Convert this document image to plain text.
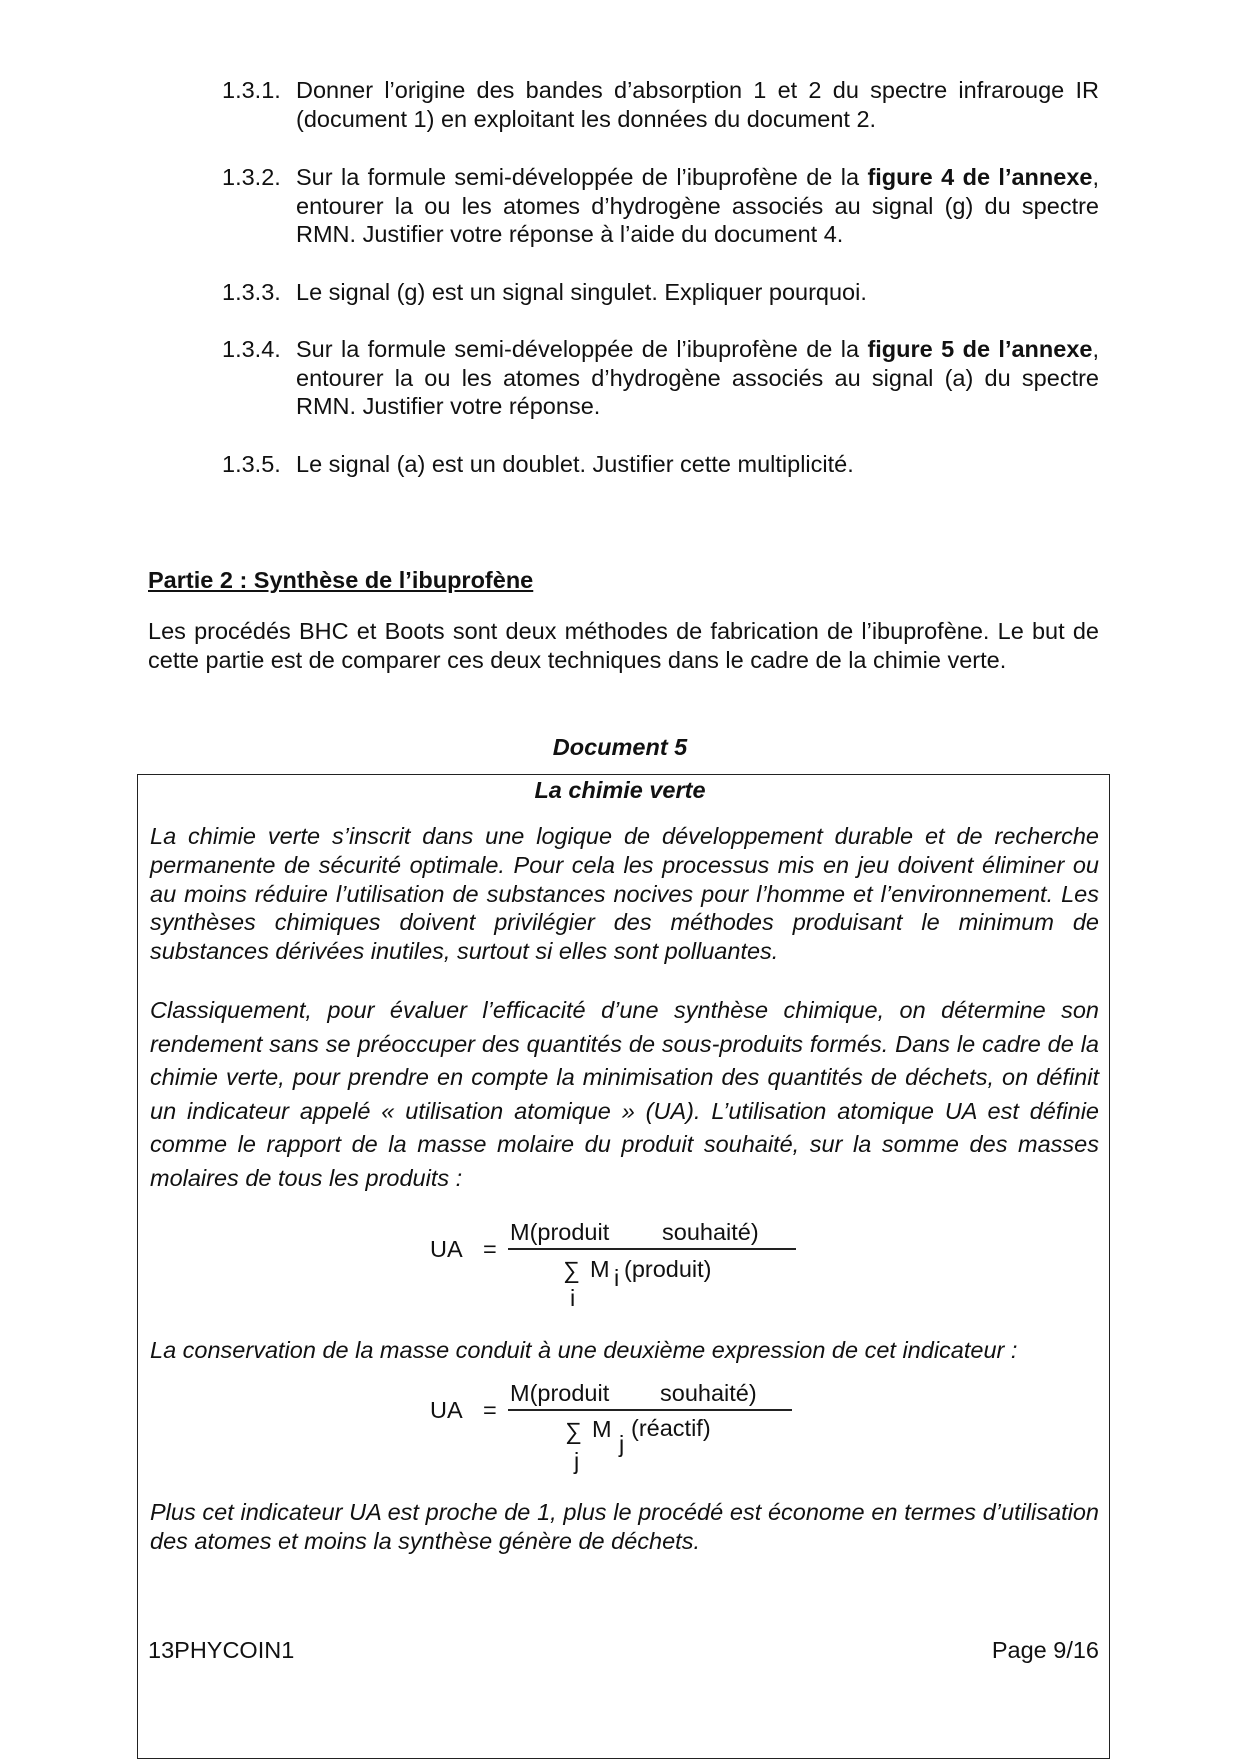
1.3.1. Donner l’origine des bandes d’absorption 1 et 2 du spectre infrarouge IR (document 1) en exploitant les données du document 2.
1.3.2. Sur la formule semi-développée de l’ibuprofène de la figure 4 de l’annexe, entourer la ou les atomes d’hydrogène associés au signal (g) du spectre RMN. Justifier votre réponse à l’aide du document 4.
1.3.3. Le signal (g) est un signal singulet. Expliquer pourquoi.
1.3.4. Sur la formule semi-développée de l’ibuprofène de la figure 5 de l’annexe, entourer la ou les atomes d’hydrogène associés au signal (a) du spectre RMN. Justifier votre réponse.
1.3.5. Le signal (a) est un doublet. Justifier cette multiplicité.
Partie 2 : Synthèse de l’ibuprofène
Les procédés BHC et Boots sont deux méthodes de fabrication de l’ibuprofène. Le but de cette partie est de comparer ces deux techniques dans le cadre de la chimie verte.
Document 5
La chimie verte
La chimie verte s’inscrit dans une logique de développement durable et de recherche permanente de sécurité optimale. Pour cela les processus mis en jeu doivent éliminer ou au moins réduire l’utilisation de substances nocives pour l’homme et l’environnement. Les synthèses chimiques doivent privilégier des méthodes produisant le minimum de substances dérivées inutiles, surtout si elles sont polluantes.
Classiquement, pour évaluer l’efficacité d’une synthèse chimique, on détermine son rendement sans se préoccuper des quantités de sous-produits formés. Dans le cadre de la chimie verte, pour prendre en compte la minimisation des quantités de déchets, on définit un indicateur appelé « utilisation atomique » (UA). L’utilisation atomique UA est définie comme le rapport de la masse molaire du produit souhaité, sur la somme des masses molaires de tous les produits :
UA =
M(produit souhaité)
∑ M i (produit)
i
La conservation de la masse conduit à une deuxième expression de cet indicateur :
UA =
M(produit souhaité)
∑ M
j
(réactif)
j
Plus cet indicateur UA est proche de 1, plus le procédé est économe en termes d’utilisation des atomes et moins la synthèse génère de déchets.
13PHYCOIN1	Page 9/16
